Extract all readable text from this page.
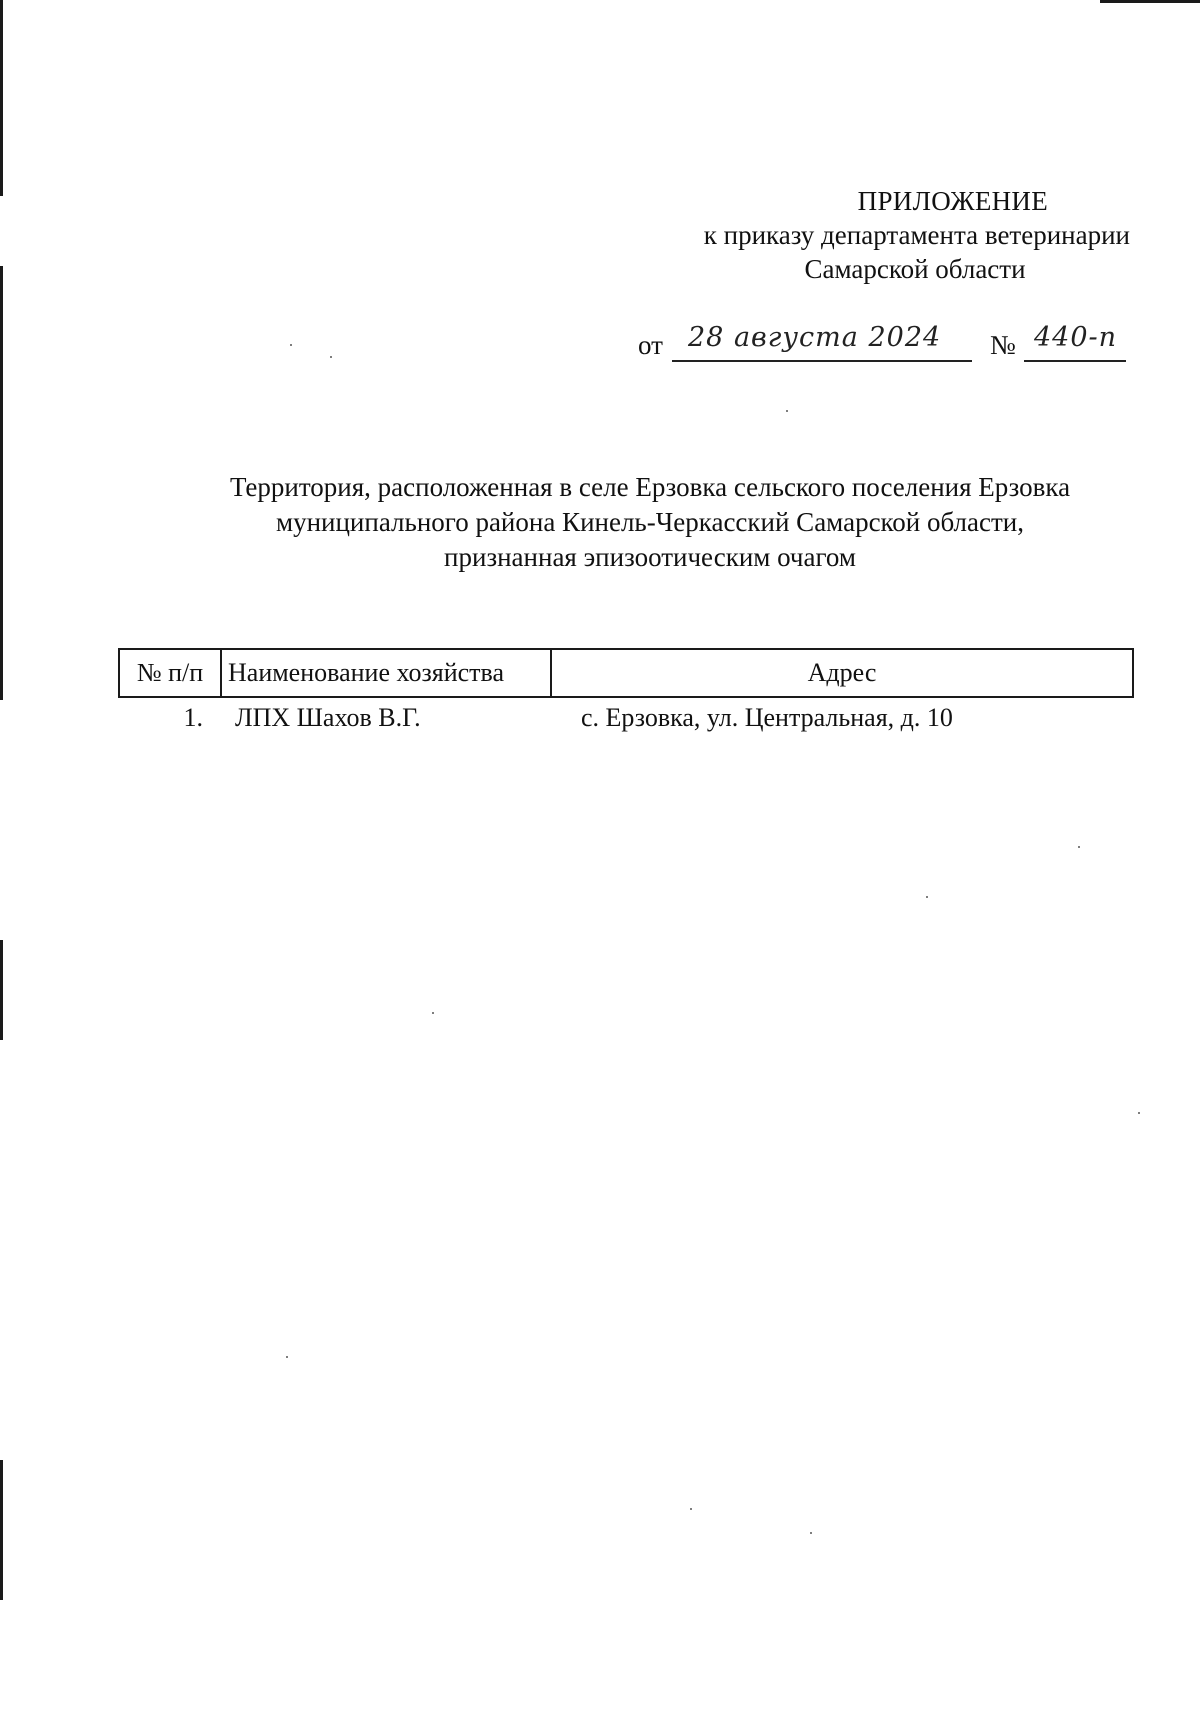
ПРИЛОЖЕНИЕ
к приказу департамента ветеринарии
Самарской области
от 28 августа 2024 № 440-п
Территория, расположенная в селе Ерзовка сельского поселения Ерзовка
муниципального района Кинель-Черкасский Самарской области,
признанная эпизоотическим очагом
№ п/п	Наименование хозяйства	Адрес
1.	ЛПХ Шахов В.Г.	с. Ерзовка, ул. Центральная, д. 10
